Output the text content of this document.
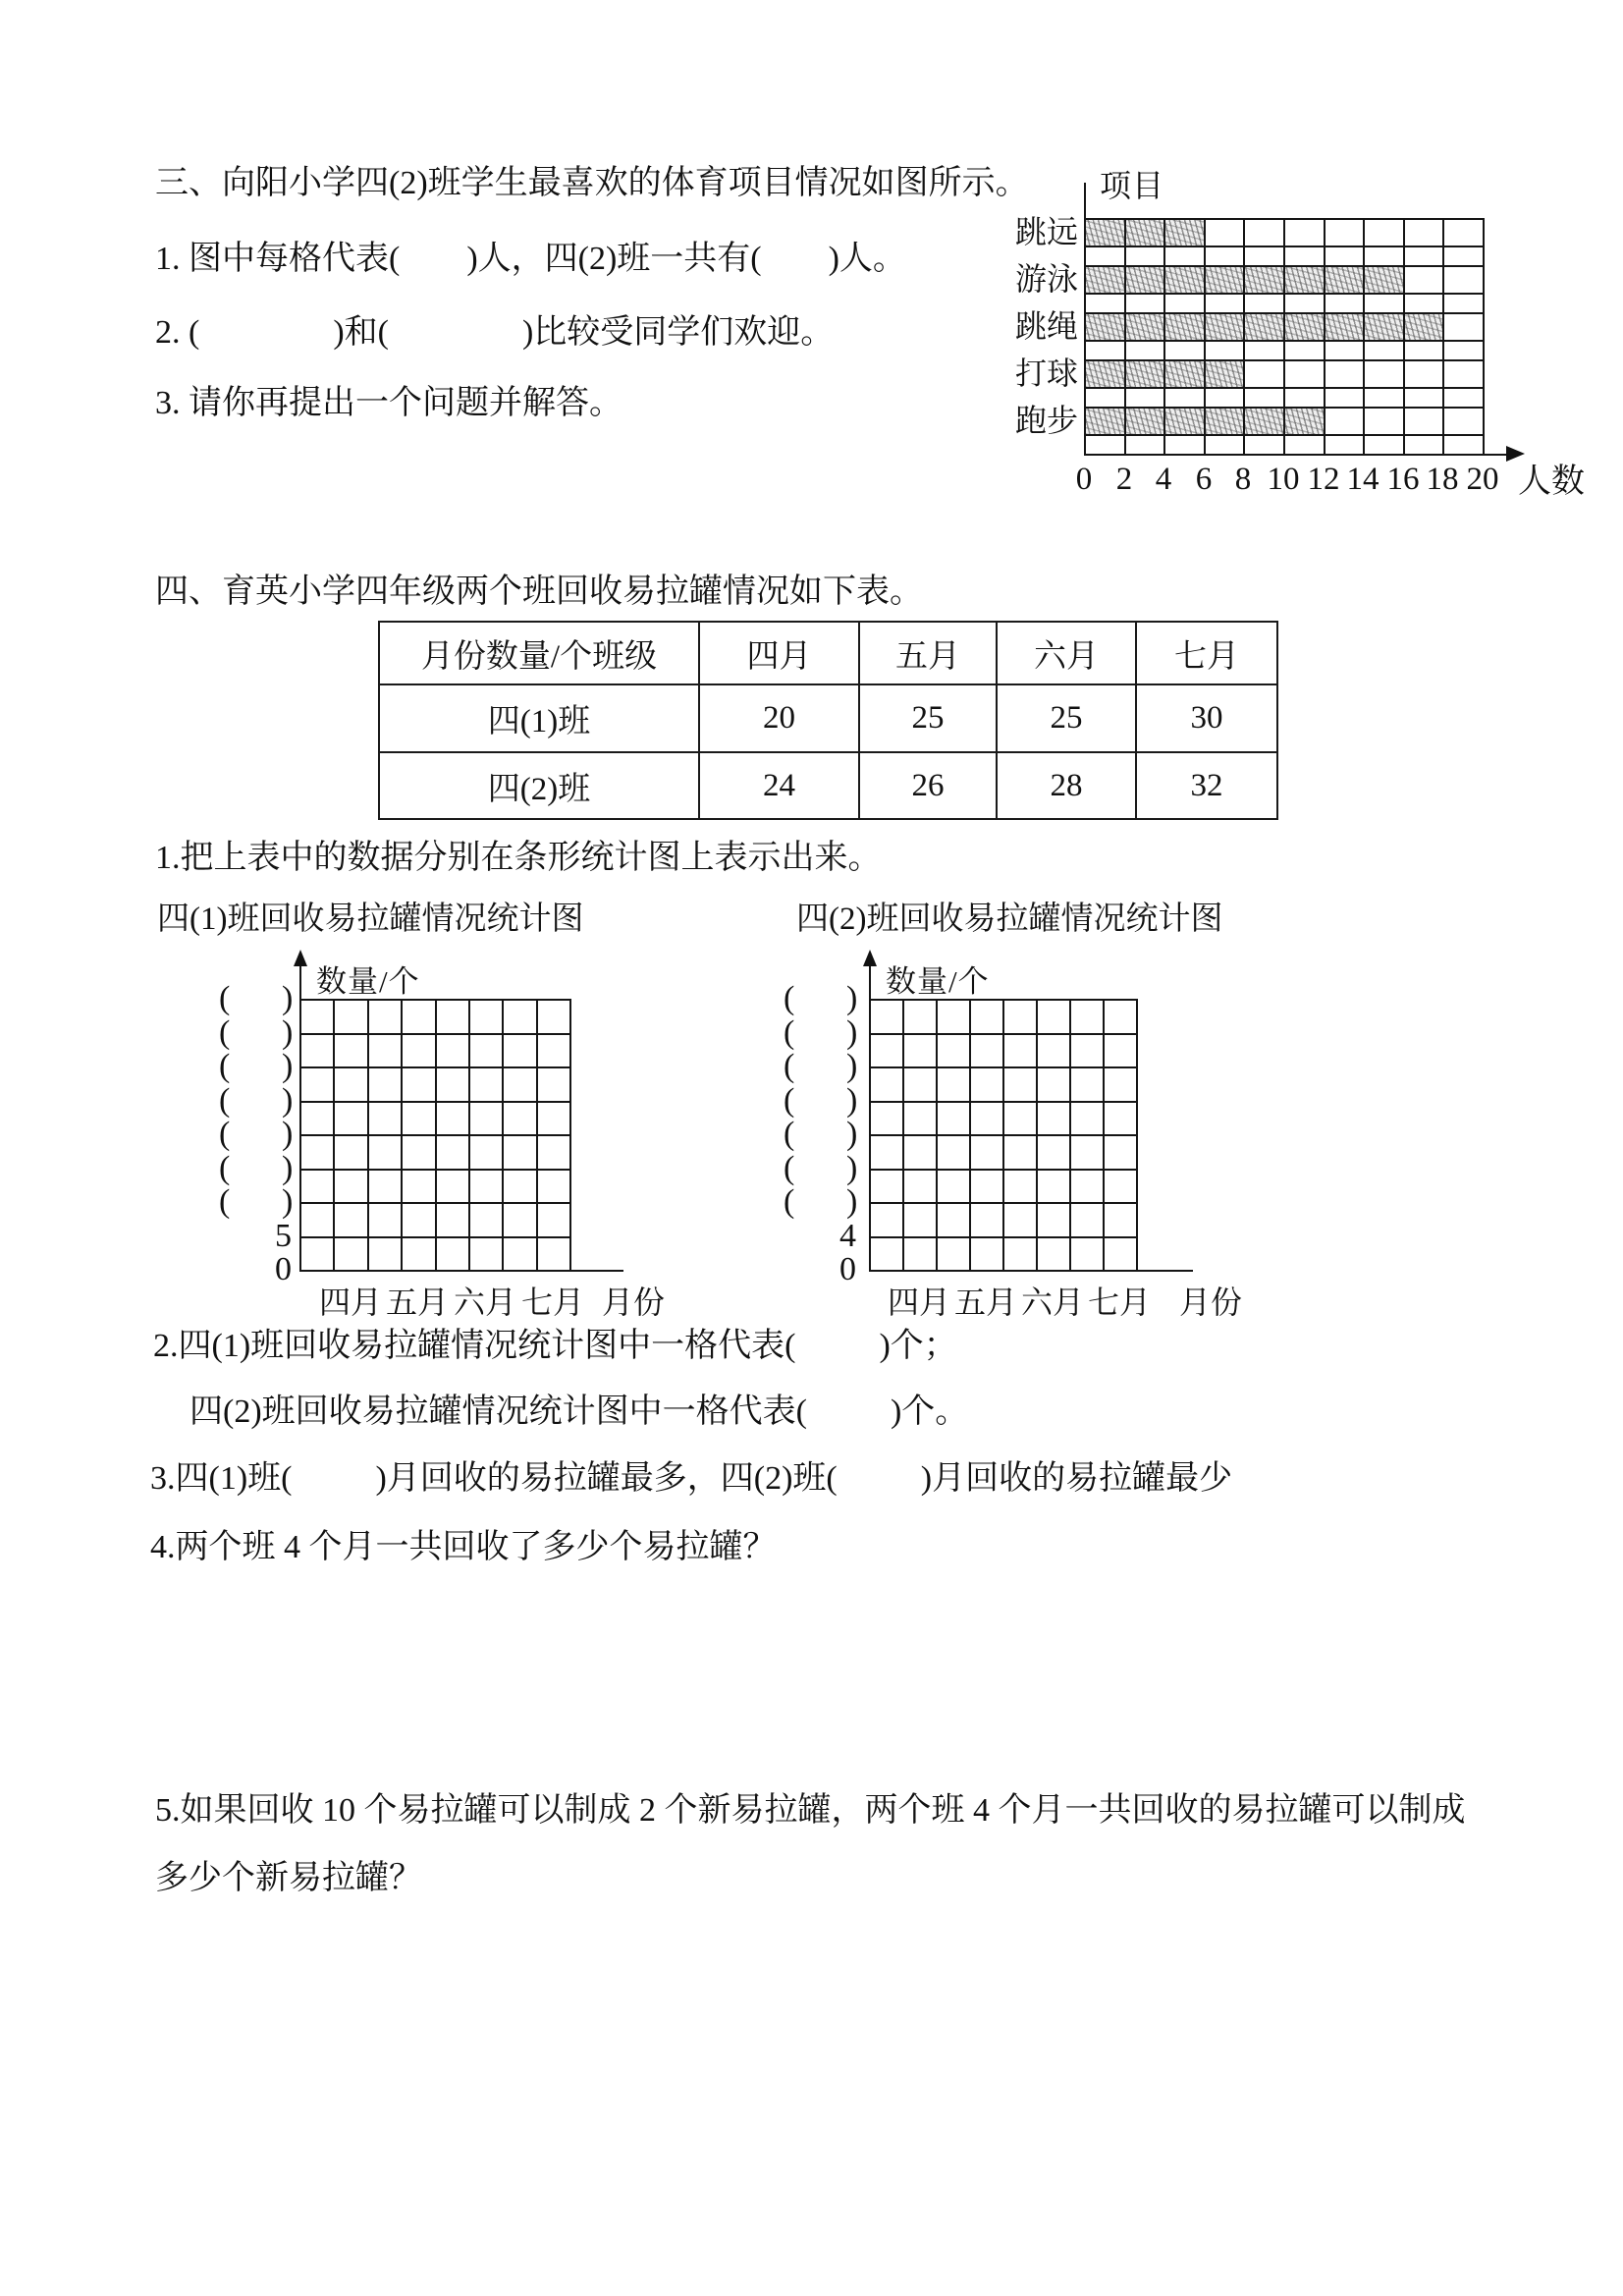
三、向阳小学四(2)班学生最喜欢的体育项目情况如图所示。
1. 图中每格代表(        )人，四(2)班一共有(        )人。
2. (                )和(                )比较受同学们欢迎。
3. 请你再提出一个问题并解答。
项目
人数
四、育英小学四年级两个班回收易拉罐情况如下表。
月份数量/个班级	四月	五月	六月	七月
四(1)班	20	25	25	30
四(2)班	24	26	28	32
1.把上表中的数据分别在条形统计图上表示出来。
四(1)班回收易拉罐情况统计图	四(2)班回收易拉罐情况统计图
数量/个	数量/个
2.四(1)班回收易拉罐情况统计图中一格代表(          )个；
四(2)班回收易拉罐情况统计图中一格代表(          )个。
3.四(1)班(          )月回收的易拉罐最多，四(2)班(          )月回收的易拉罐最少
4.两个班 4 个月一共回收了多少个易拉罐？
5.如果回收 10 个易拉罐可以制成 2 个新易拉罐，两个班 4 个月一共回收的易拉罐可以制成
多少个新易拉罐？
跳远
游泳
跳绳
打球
跑步
0 2 4 6 8 10 12 14 16 18 20
(	)
(	)
(	)
(	)
(	)
(	)
(	)
5
0
四月 五月 六月 七月 月份
(	)
(	)
(	)
(	)
(	)
(	)
(	)
4
0
四月 五月 六月 七月 月份
